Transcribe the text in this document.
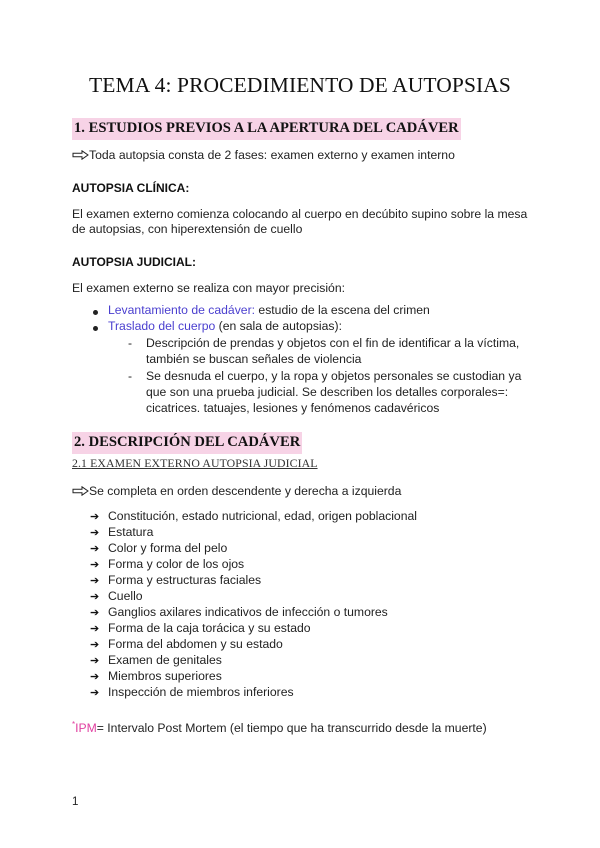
TEMA 4: PROCEDIMIENTO DE AUTOPSIAS
1. ESTUDIOS PREVIOS A LA APERTURA DEL CADÁVER
Toda autopsia consta de 2 fases: examen externo y examen interno
AUTOPSIA CLÍNICA:
El examen externo comienza colocando al cuerpo en decúbito supino sobre la mesa
de autopsias, con hiperextensión de cuello
AUTOPSIA JUDICIAL:
El examen externo se realiza con mayor precisión:
Levantamiento de cadáver: estudio de la escena del crimen
Traslado del cuerpo (en sala de autopsias):
- Descripción de prendas y objetos con el fin de identificar a la víctima,
también se buscan señales de violencia
- Se desnuda el cuerpo, y la ropa y objetos personales se custodian ya
que son una prueba judicial. Se describen los detalles corporales=:
cicatrices. tatuajes, lesiones y fenómenos cadavéricos
2. DESCRIPCIÓN DEL CADÁVER
2.1 EXAMEN EXTERNO AUTOPSIA JUDICIAL
Se completa en orden descendente y derecha a izquierda
➔ Constitución, estado nutricional, edad, origen poblacional
➔ Estatura
➔ Color y forma del pelo
➔ Forma y color de los ojos
➔ Forma y estructuras faciales
➔ Cuello
➔ Ganglios axilares indicativos de infección o tumores
➔ Forma de la caja torácica y su estado
➔ Forma del abdomen y su estado
➔ Examen de genitales
➔ Miembros superiores
➔ Inspección de miembros inferiores
*IPM= Intervalo Post Mortem (el tiempo que ha transcurrido desde la muerte)
1
